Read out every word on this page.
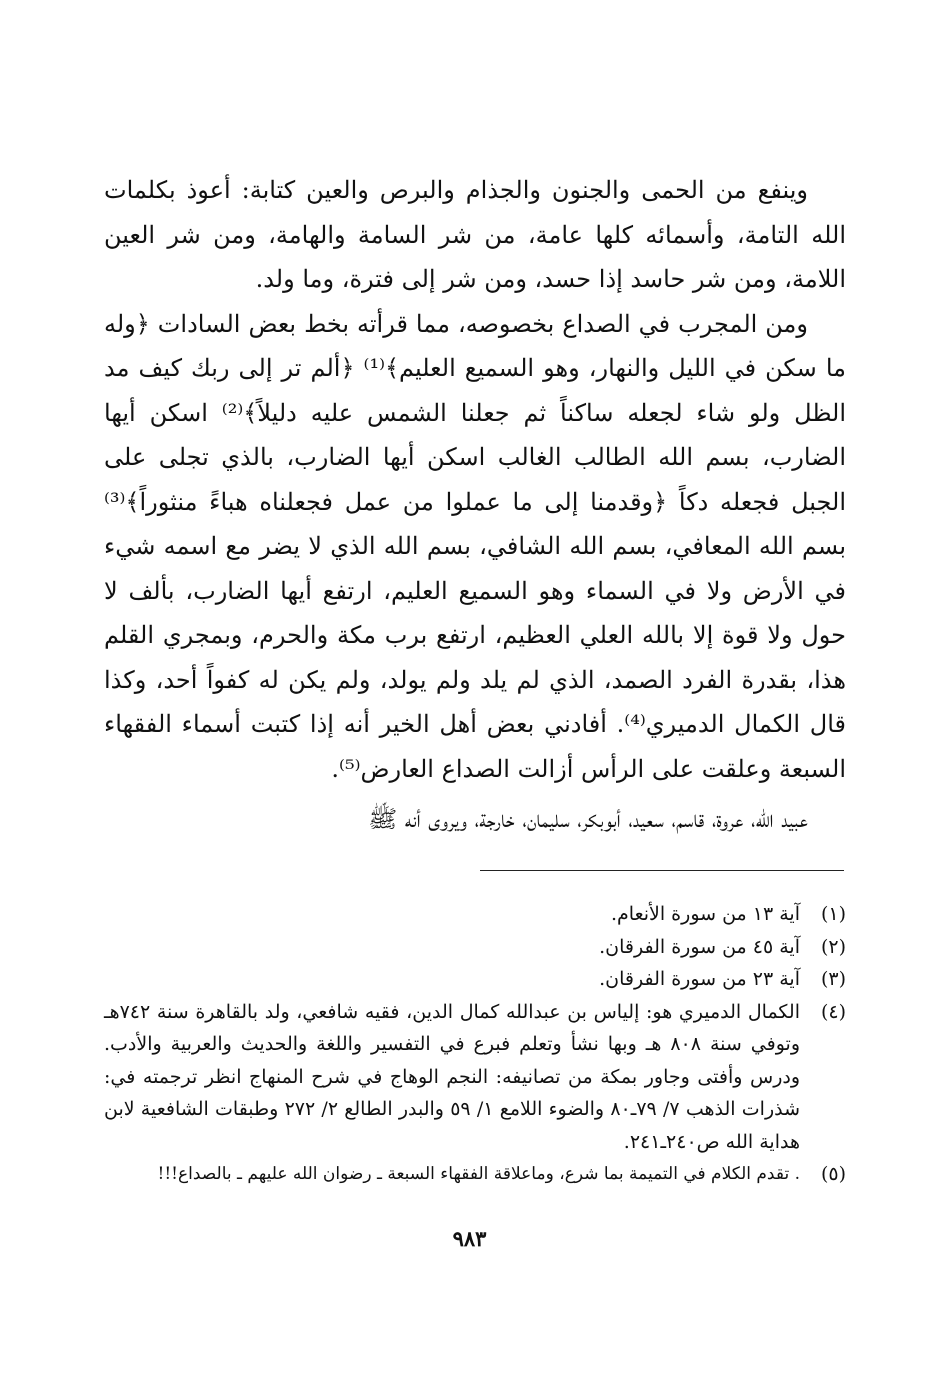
وينفع من الحمى والجنون والجذام والبرص والعين كتابة: أعوذ بكلمات الله التامة، وأسمائه كلها عامة، من شر السامة والهامة، ومن شر العين اللامة، ومن شر حاسد إذا حسد، ومن شر إلى فترة، وما ولد.

ومن المجرب في الصداع بخصوصه، مما قرأته بخط بعض السادات ﴿وله ما سكن في الليل والنهار، وهو السميع العليم﴾⁽¹⁾ ﴿ألم تر إلى ربك كيف مد الظل ولو شاء لجعله ساكناً ثم جعلنا الشمس عليه دليلاً﴾⁽²⁾ اسكن أيها الضارب، بسم الله الطالب الغالب اسكن أيها الضارب، بالذي تجلى على الجبل فجعله دكاً ﴿وقدمنا إلى ما عملوا من عمل فجعلناه هباءً منثوراً﴾⁽³⁾ بسم الله المعافي، بسم الله الشافي، بسم الله الذي لا يضر مع اسمه شيء في الأرض ولا في السماء وهو السميع العليم، ارتفع أيها الضارب، بألف لا حول ولا قوة إلا بالله العلي العظيم، ارتفع برب مكة والحرم، وبمجري القلم هذا، بقدرة الفرد الصمد، الذي لم يلد ولم يولد، ولم يكن له كفواً أحد، وكذا قال الكمال الدميري⁽⁴⁾. أفادني بعض أهل الخير أنه إذا كتبت أسماء الفقهاء السبعة وعلقت على الرأس أزالت الصداع العارض⁽⁵⁾.

عبيد الله، عروة، قاسم، سعيد، أبوبكر، سليمان، خارجة، ويروى أنه ﷺ

(١)
آية ١٣ من سورة الأنعام.
(٢)
آية ٤٥ من سورة الفرقان.
(٣)
آية ٢٣ من سورة الفرقان.
(٤)
الكمال الدميري هو: إلياس بن عبدالله كمال الدين، فقيه شافعي، ولد بالقاهرة سنة ٧٤٢هـ وتوفي سنة ٨٠٨ هـ وبها نشأ وتعلم فبرع في التفسير واللغة والحديث والعربية والأدب. ودرس وأفتى وجاور بمكة من تصانيفه: النجم الوهاج في شرح المنهاج انظر ترجمته في: شذرات الذهب ٧/ ٧٩ـ٨٠ والضوء اللامع ١/ ٥٩ والبدر الطالع ٢/ ٢٧٢ وطبقات الشافعية لابن هداية الله ص٢٤٠ـ٢٤١.
(٥)
. تقدم الكلام في التميمة بما شرع، وماعلاقة الفقهاء السبعة ـ رضوان الله عليهم ـ بالصداع!!!
٩٨٣
